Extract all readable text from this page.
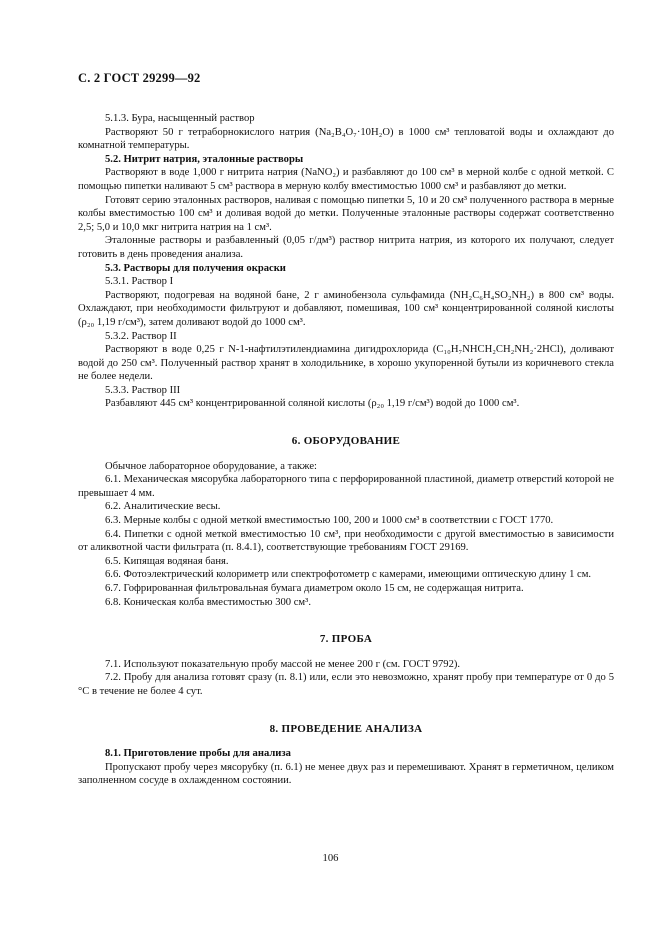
С. 2 ГОСТ 29299—92

5.1.3. Бура, насыщенный раствор

Растворяют 50 г тетраборнокислого натрия (Na₂B₄O₇·10H₂O) в 1000 см³ тепловатой воды и охлаждают до комнатной температуры.

5.2. Нитрит натрия, эталонные растворы

Растворяют в воде 1,000 г нитрита натрия (NaNO₂) и разбавляют до 100 см³ в мерной колбе с одной меткой. С помощью пипетки наливают 5 см³ раствора в мерную колбу вместимостью 1000 см³ и разбавляют до метки.

Готовят серию эталонных растворов, наливая с помощью пипетки 5, 10 и 20 см³ полученного раствора в мерные колбы вместимостью 100 см³ и доливая водой до метки. Полученные эталонные растворы содержат соответственно 2,5; 5,0 и 10,0 мкг нитрита натрия на 1 см³.

Эталонные растворы и разбавленный (0,05 г/дм³) раствор нитрита натрия, из которого их получают, следует готовить в день проведения анализа.

5.3. Растворы для получения окраски

5.3.1. Раствор I

Растворяют, подогревая на водяной бане, 2 г аминобензола сульфамида (NH₂C₆H₄SO₂NH₂) в 800 см³ воды. Охлаждают, при необходимости фильтруют и добавляют, помешивая, 100 см³ концентрированной соляной кислоты (ρ₂₀ 1,19 г/см³), затем доливают водой до 1000 см³.

5.3.2. Раствор II

Растворяют в воде 0,25 г N-1-нафтилэтилендиамина дигидрохлорида (C₁₀H₇NHCH₂CH₂NH₂·2HCl), доливают водой до 250 см³. Полученный раствор хранят в холодильнике, в хорошо укупоренной бутыли из коричневого стекла не более недели.

5.3.3. Раствор III

Разбавляют 445 см³ концентрированной соляной кислоты (ρ₂₀ 1,19 г/см³) водой до 1000 см³.

6. ОБОРУДОВАНИЕ

Обычное лабораторное оборудование, а также:

6.1. Механическая мясорубка лабораторного типа с перфорированной пластиной, диаметр отверстий которой не превышает 4 мм.

6.2. Аналитические весы.

6.3. Мерные колбы с одной меткой вместимостью 100, 200 и 1000 см³ в соответствии с ГОСТ 1770.

6.4. Пипетки с одной меткой вместимостью 10 см³, при необходимости с другой вместимостью в зависимости от аликвотной части фильтрата (п. 8.4.1), соответствующие требованиям ГОСТ 29169.

6.5. Кипящая водяная баня.

6.6. Фотоэлектрический колориметр или спектрофотометр с камерами, имеющими оптическую длину 1 см.

6.7. Гофрированная фильтровальная бумага диаметром около 15 см, не содержащая нитрита.

6.8. Коническая колба вместимостью 300 см³.

7. ПРОБА

7.1. Используют показательную пробу массой не менее 200 г (см. ГОСТ 9792).

7.2. Пробу для анализа готовят сразу (п. 8.1) или, если это невозможно, хранят пробу при температуре от 0 до 5 °С в течение не более 4 сут.

8. ПРОВЕДЕНИЕ АНАЛИЗА

8.1. Приготовление пробы для анализа

Пропускают пробу через мясорубку (п. 6.1) не менее двух раз и перемешивают. Хранят в герметичном, целиком заполненном сосуде в охлажденном состоянии.

106
